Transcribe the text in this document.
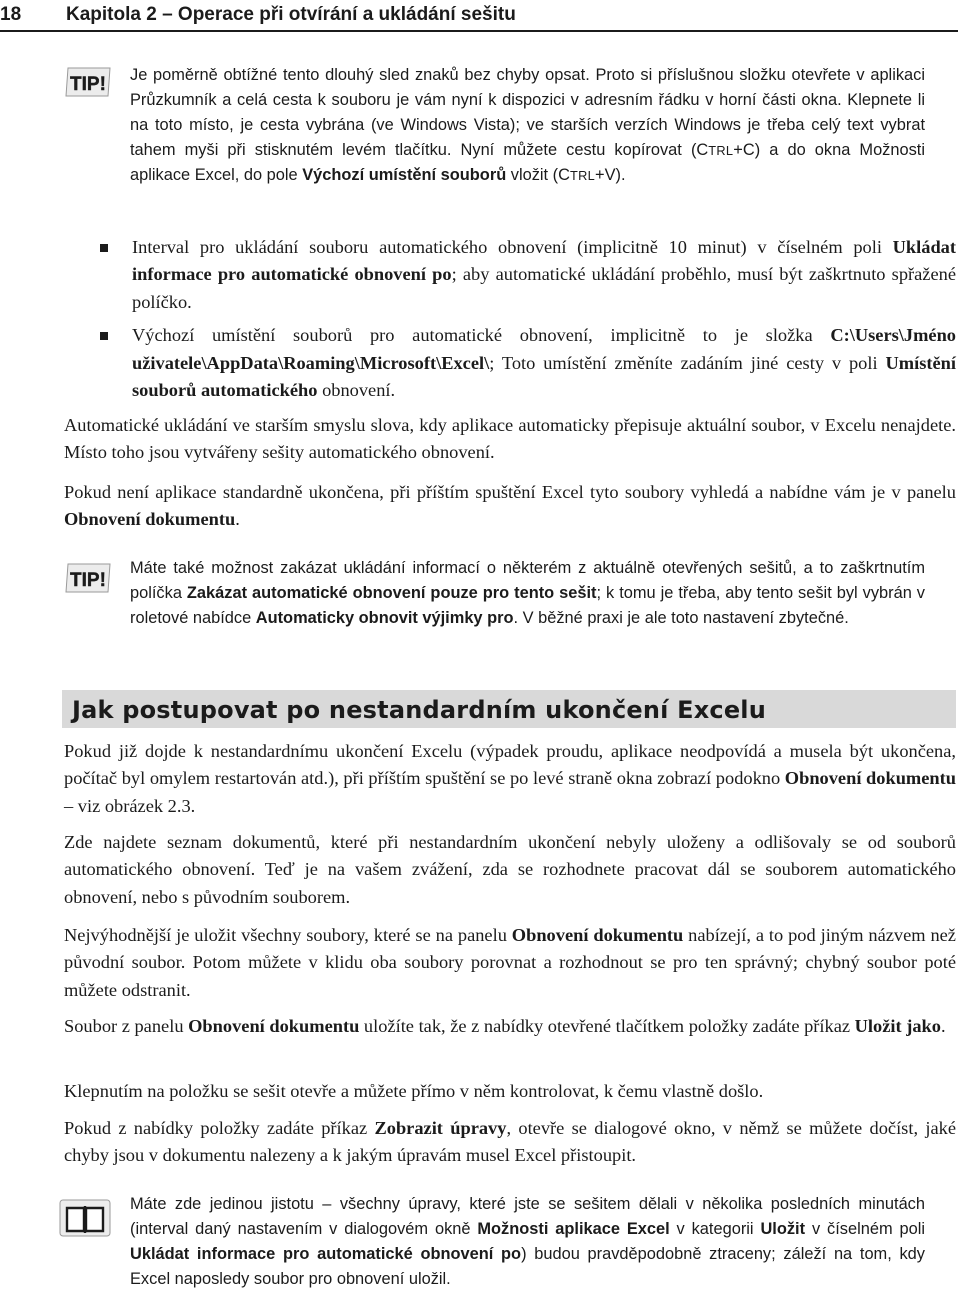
18 Kapitola 2 – Operace při otvírání a ukládání sešitu
TIP! Je poměrně obtížné tento dlouhý sled znaků bez chyby opsat. Proto si příslušnou složku otevřete v aplikaci Průzkumník a celá cesta k souboru je vám nyní k dispozici v adresním řádku v horní části okna. Klepnete li na toto místo, je cesta vybrána (ve Windows Vista); ve starších verzích Windows je třeba celý text vybrat tahem myši při stisknutém levém tlačítku. Nyní můžete cestu kopírovat (CTRL+C) a do okna Možnosti aplikace Excel, do pole Výchozí umístění souborů vložit (CTRL+V).
Interval pro ukládání souboru automatického obnovení (implicitně 10 minut) v číselném poli Ukládat informace pro automatické obnovení po; aby automatické ukládání proběhlo, musí být zaškrtnuto spřažené políčko.
Výchozí umístění souborů pro automatické obnovení, implicitně to je složka C:\Users\Jméno uživatele\AppData\Roaming\Microsoft\Excel\; Toto umístění změníte zadáním jiné cesty v poli Umístění souborů automatického obnovení.
Automatické ukládání ve starším smyslu slova, kdy aplikace automaticky přepisuje aktuální soubor, v Excelu nenajdete. Místo toho jsou vytvářeny sešity automatického obnovení.
Pokud není aplikace standardně ukončena, při příštím spuštění Excel tyto soubory vyhledá a nabídne vám je v panelu Obnovení dokumentu.
TIP!
Máte také možnost zakázat ukládání informací o některém z aktuálně otevřených sešitů, a to zaškrtnutím políčka Zakázat automatické obnovení pouze pro tento sešit; k tomu je třeba, aby tento sešit byl vybrán v roletové nabídce Automaticky obnovit výjimky pro. V běžné praxi je ale toto nastavení zbytečné.
Jak postupovat po nestandardním ukončení Excelu
Pokud již dojde k nestandardnímu ukončení Excelu (výpadek proudu, aplikace neodpovídá a musela být ukončena, počítač byl omylem restartován atd.), při příštím spuštění se po levé straně okna zobrazí podokno Obnovení dokumentu – viz obrázek 2.3.
Zde najdete seznam dokumentů, které při nestandardním ukončení nebyly uloženy a odlišovaly se od souborů automatického obnovení. Teď je na vašem zvážení, zda se rozhodnete pracovat dál se souborem automatického obnovení, nebo s původním souborem.
Nejvýhodnější je uložit všechny soubory, které se na panelu Obnovení dokumentu nabízejí, a to pod jiným názvem než původní soubor. Potom můžete v klidu oba soubory porovnat a rozhodnout se pro ten správný; chybný soubor poté můžete odstranit.
Soubor z panelu Obnovení dokumentu uložíte tak, že z nabídky otevřené tlačítkem položky zadáte příkaz Uložit jako.
Klepnutím na položku se sešit otevře a můžete přímo v něm kontrolovat, k čemu vlastně došlo.
Pokud z nabídky položky zadáte příkaz Zobrazit úpravy, otevře se dialogové okno, v němž se můžete dočíst, jaké chyby jsou v dokumentu nalezeny a k jakým úpravám musel Excel přistoupit.
Máte zde jedinou jistotu – všechny úpravy, které jste se sešitem dělali v několika posledních minutách (interval daný nastavením v dialogovém okně Možnosti aplikace Excel v kategorii Uložit v číselném poli Ukládat informace pro automatické obnovení po) budou pravděpodobně ztraceny; záleží na tom, kdy Excel naposledy soubor pro obnovení uložil.
